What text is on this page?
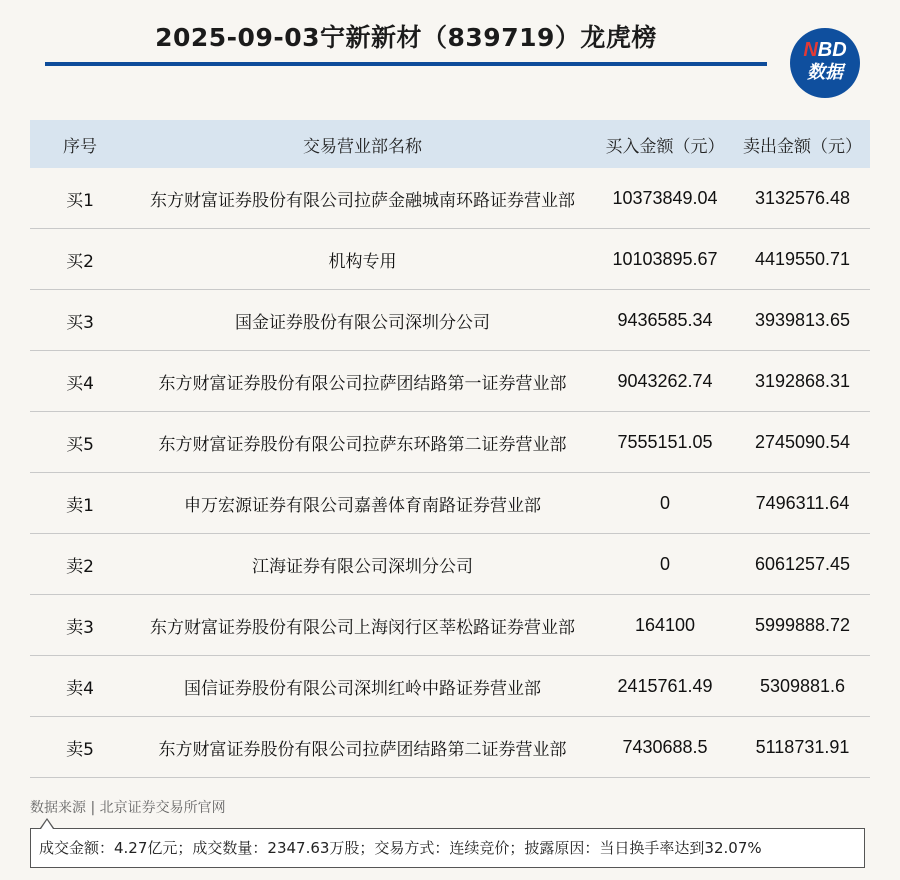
2025-09-03宁新新材（839719）龙虎榜	NBD
数据
序号	交易营业部名称	买入金额（元）	卖出金额（元）
买1	东方财富证券股份有限公司拉萨金融城南环路证券营业部	10373849.04	3132576.48
买2	机构专用	10103895.67	4419550.71
买3	国金证券股份有限公司深圳分公司	9436585.34	3939813.65
买4	东方财富证券股份有限公司拉萨团结路第一证券营业部	9043262.74	3192868.31
买5	东方财富证券股份有限公司拉萨东环路第二证券营业部	7555151.05	2745090.54
卖1	申万宏源证券有限公司嘉善体育南路证券营业部	0	7496311.64
卖2	江海证券有限公司深圳分公司	0	6061257.45
卖3	东方财富证券股份有限公司上海闵行区莘松路证券营业部	164100	5999888.72
卖4	国信证券股份有限公司深圳红岭中路证券营业部	2415761.49	5309881.6
卖5	东方财富证券股份有限公司拉萨团结路第二证券营业部	7430688.5	5118731.91
数据来源 | 北京证券交易所官网
成交金额：4.27亿元；成交数量：2347.63万股；交易方式：连续竞价；披露原因：当日换手率达到32.07%
